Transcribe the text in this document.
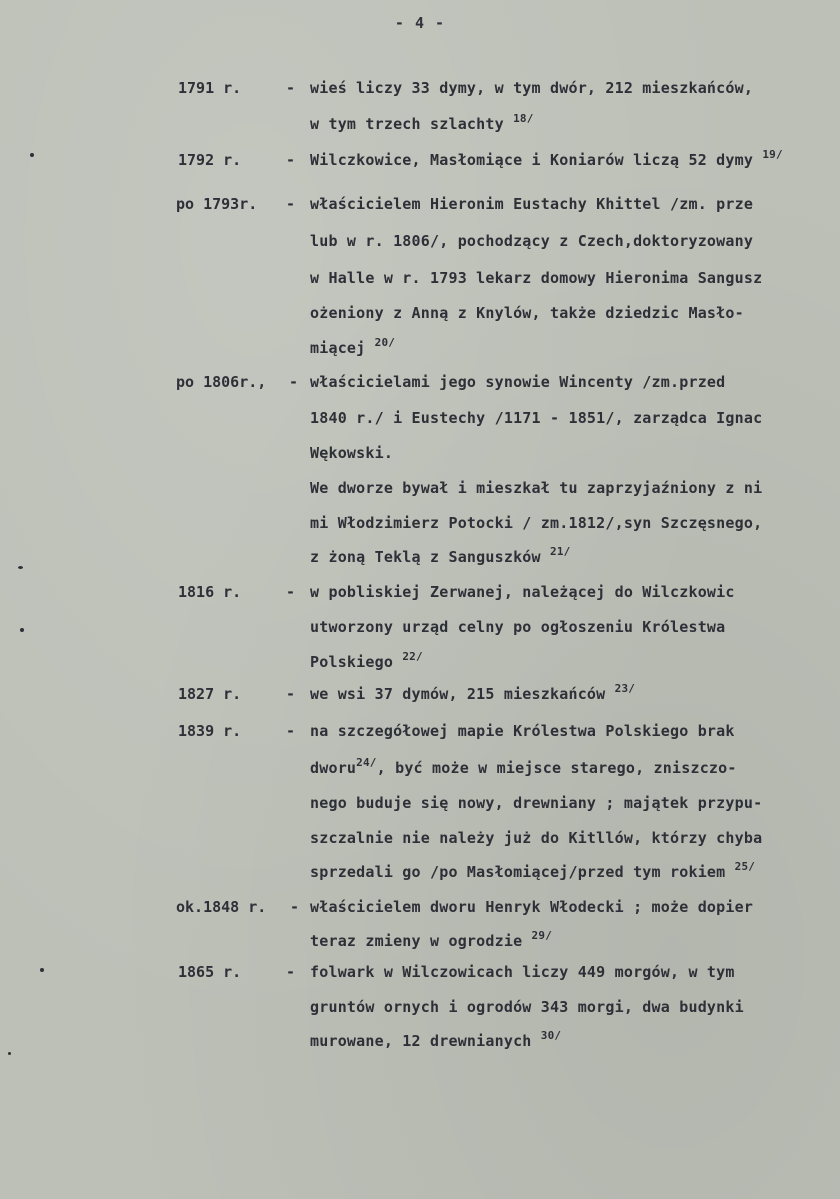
- 4 -
1791 r.	- wieś liczy 33 dymy, w tym dwór, 212 mieszkańców,
w tym trzech szlachty $^{18/}$
1792 r.	- Wilczkowice, Masłomiące i Koniarów liczą 52 dymy $^{19/}$
po 1793r. - właścicielem Hieronim Eustachy Khittel /zm. prze
lub w r. 1806/, pochodzący z Czech,doktoryzowany
w Halle w r. 1793 lekarz domowy Hieronima Sangusz
ożeniony z Anną z Knylów, także dziedzic Masło-
miącej $^{20/}$
po 1806r., - właścicielami jego synowie Wincenty /zm.przed
1840 r./ i Eustechy /1171 - 1851/, zarządca Ignac
Wękowski.
We dworze bywał i mieszkał tu zaprzyjaźniony z ni
mi Włodzimierz Potocki / zm.1812/,syn Szczęsnego,
z żoną Teklą z Sanguszków $^{21/}$
1816 r.	- w pobliskiej Zerwanej, należącej do Wilczkowic
utworzony urząd celny po ogłoszeniu Królestwa
Polskiego $^{22/}$
1827 r.	- we wsi 37 dymów, 215 mieszkańców $^{23/}$
1839 r.	- na szczegółowej mapie Królestwa Polskiego brak
dworu$^{24/}$, być może w miejsce starego, zniszczo-
nego buduje się nowy, drewniany ; majątek przypu-
szczalnie nie należy już do Kitllów, którzy chyba
sprzedali go /po Masłomiącej/przed tym rokiem $^{25/}$
ok.1848 r. - właścicielem dworu Henryk Włodecki ; może dopier
teraz zmieny w ogrodzie $^{29/}$
1865 r.	- folwark w Wilczowicach liczy 449 morgów, w tym
gruntów ornych i ogrodów 343 morgi, dwa budynki
murowane, 12 drewnianych $^{30/}$
